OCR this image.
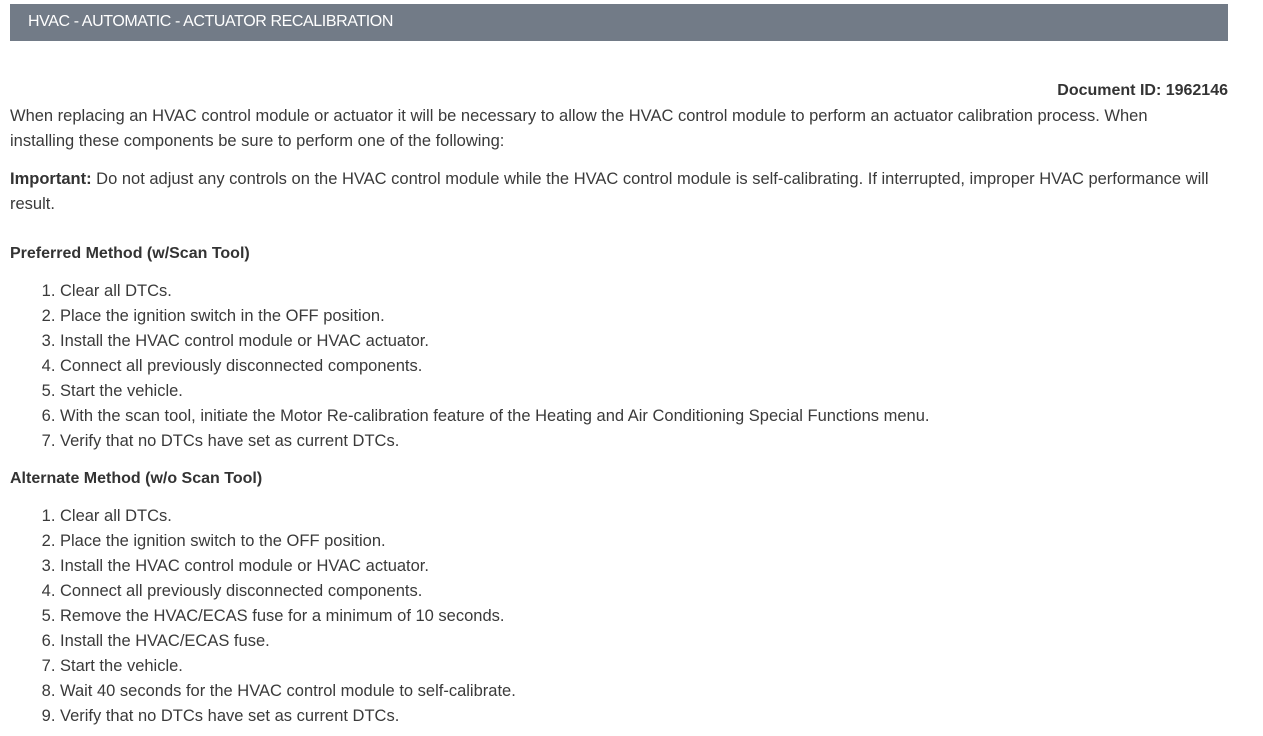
HVAC - AUTOMATIC - ACTUATOR RECALIBRATION
Document ID: 1962146

When replacing an HVAC control module or actuator it will be necessary to allow the HVAC control module to perform an actuator calibration process. When installing these components be sure to perform one of the following:

Important: Do not adjust any controls on the HVAC control module while the HVAC control module is self-calibrating. If interrupted, improper HVAC performance will result.

Preferred Method (w/Scan Tool)
1. Clear all DTCs.
2. Place the ignition switch in the OFF position.
3. Install the HVAC control module or HVAC actuator.
4. Connect all previously disconnected components.
5. Start the vehicle.
6. With the scan tool, initiate the Motor Re-calibration feature of the Heating and Air Conditioning Special Functions menu.
7. Verify that no DTCs have set as current DTCs.
Alternate Method (w/o Scan Tool)
1. Clear all DTCs.
2. Place the ignition switch to the OFF position.
3. Install the HVAC control module or HVAC actuator.
4. Connect all previously disconnected components.
5. Remove the HVAC/ECAS fuse for a minimum of 10 seconds.
6. Install the HVAC/ECAS fuse.
7. Start the vehicle.
8. Wait 40 seconds for the HVAC control module to self-calibrate.
9. Verify that no DTCs have set as current DTCs.
